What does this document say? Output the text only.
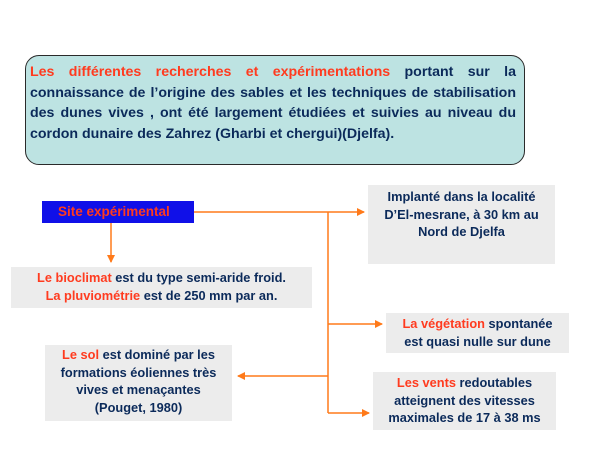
Les différentes recherches et expérimentations portant sur la connaissance de l’origine des sables et les techniques de stabilisation des dunes vives , ont été largement étudiées et suivies au niveau du cordon dunaire des Zahrez (Gharbi et chergui)(Djelfa).
Site expérimental
Implanté dans la localité
D’El-mesrane, à 30 km au
Nord de Djelfa
Le bioclimat est du type semi-aride froid.
La pluviométrie est de 250 mm par an.
La végétation spontanée
est quasi nulle sur dune
Le sol est dominé par les
formations éoliennes très
vives et menaçantes
(Pouget, 1980)
Les vents redoutables
atteignent des vitesses
maximales de 17 à 38 ms
